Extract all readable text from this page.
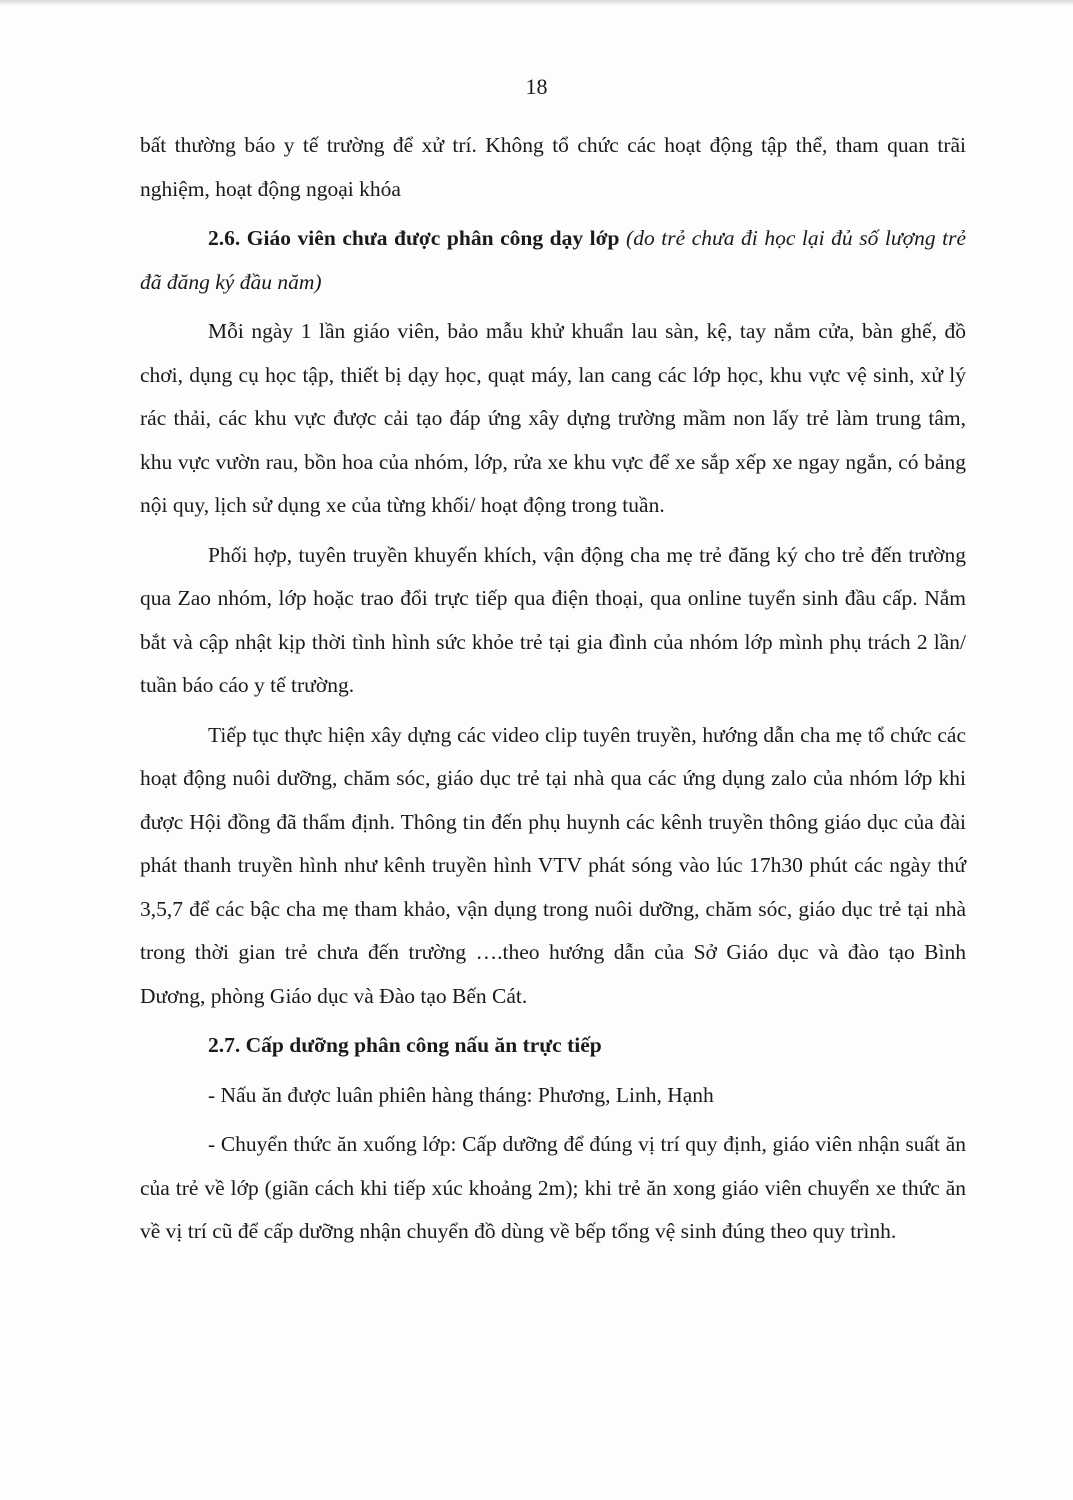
18

bất thường báo y tế trường để xử trí. Không tổ chức các hoạt động tập thể, tham quan trãi nghiệm, hoạt động ngoại khóa

2.6. Giáo viên chưa được phân công dạy lớp (do trẻ chưa đi học lại đủ số lượng trẻ đã đăng ký đầu năm)

Mỗi ngày 1 lần giáo viên, bảo mẫu khử khuẩn lau sàn, kệ, tay nắm cửa, bàn ghế, đồ chơi, dụng cụ học tập, thiết bị dạy học, quạt máy, lan cang các lớp học, khu vực vệ sinh, xử lý rác thải, các khu vực được cải tạo đáp ứng xây dựng trường mầm non lấy trẻ làm trung tâm, khu vực vườn rau, bồn hoa của nhóm, lớp, rửa xe khu vực để xe sắp xếp xe ngay ngắn, có bảng nội quy, lịch sử dụng xe của từng khối/ hoạt động trong tuần.

Phối hợp, tuyên truyền khuyến khích, vận động cha mẹ trẻ đăng ký cho trẻ đến trường qua Zao nhóm, lớp hoặc trao đổi trực tiếp qua điện thoại, qua online tuyển sinh đầu cấp. Nắm bắt và cập nhật kịp thời tình hình sức khỏe trẻ tại gia đình của nhóm lớp mình phụ trách 2 lần/ tuần báo cáo y tế trường.

Tiếp tục thực hiện xây dựng các video clip tuyên truyền, hướng dẫn cha mẹ tổ chức các hoạt động nuôi dưỡng, chăm sóc, giáo dục trẻ tại nhà qua các ứng dụng zalo của nhóm lớp khi được Hội đồng đã thẩm định. Thông tin đến phụ huynh các kênh truyền thông giáo dục của đài phát thanh truyền hình như kênh truyền hình VTV phát sóng vào lúc 17h30 phút các ngày thứ 3,5,7 để các bậc cha mẹ tham khảo, vận dụng trong nuôi dưỡng, chăm sóc, giáo dục trẻ tại nhà trong thời gian trẻ chưa đến trường ….theo hướng dẫn của Sở Giáo dục và đào tạo Bình Dương, phòng Giáo dục và Đào tạo Bến Cát.

2.7. Cấp dưỡng phân công nấu ăn trực tiếp

- Nấu ăn được luân phiên hàng tháng: Phương, Linh, Hạnh

- Chuyển thức ăn xuống lớp: Cấp dưỡng để đúng vị trí quy định, giáo viên nhận suất ăn của trẻ về lớp (giãn cách khi tiếp xúc khoảng 2m); khi trẻ ăn xong giáo viên chuyển xe thức ăn về vị trí cũ để cấp dưỡng nhận chuyển đồ dùng về bếp tổng vệ sinh đúng theo quy trình.
